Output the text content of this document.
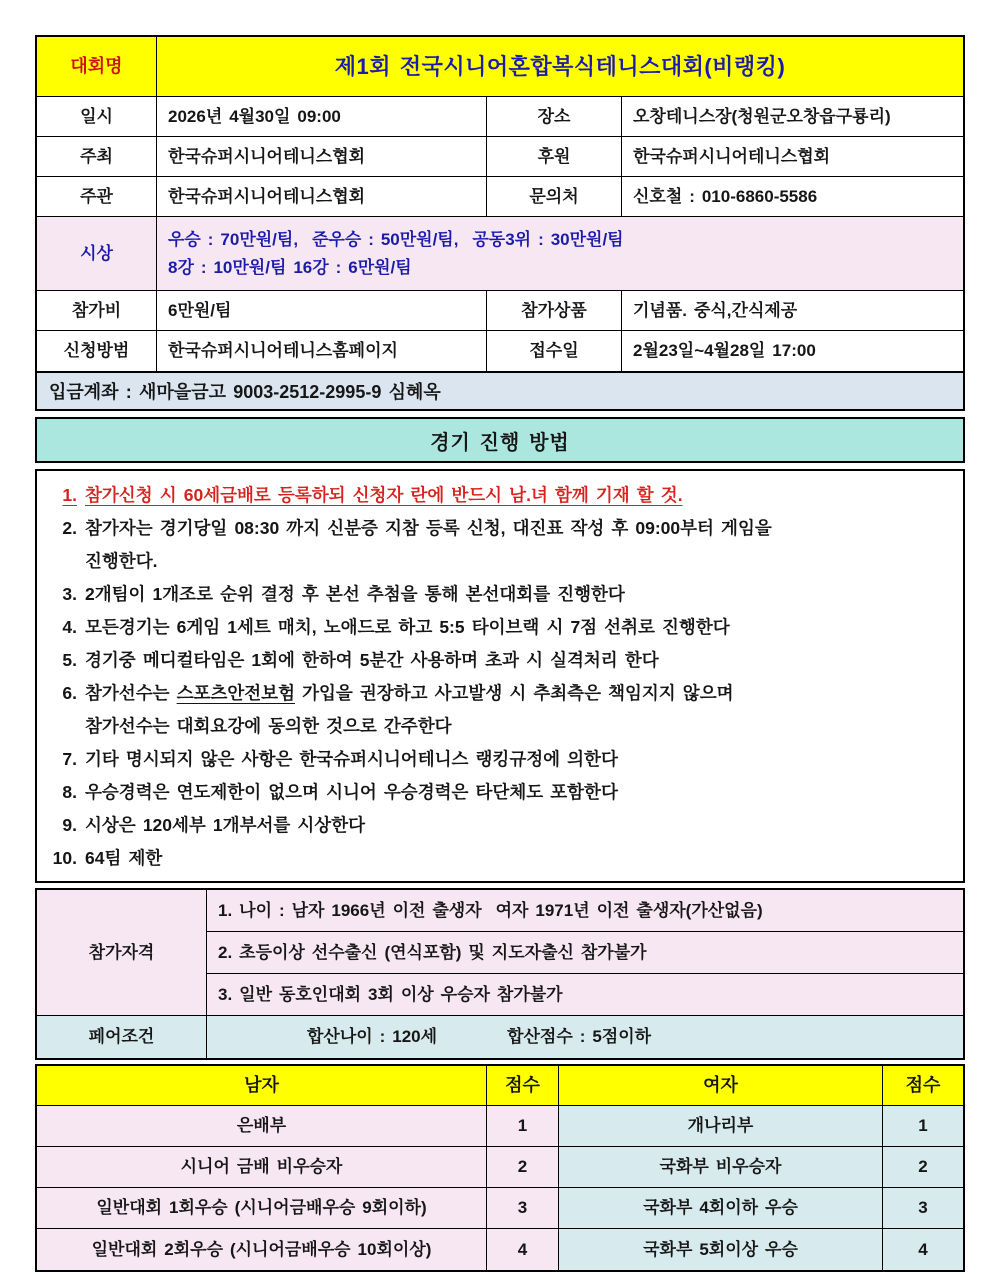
대회명	제1회 전국시니어혼합복식테니스대회(비랭킹)
일시	2026년 4월30일 09:00	장소	오창테니스장(청원군오창읍구룡리)
주최	한국슈퍼시니어테니스협회	후원	한국슈퍼시니어테니스협회
주관	한국슈퍼시니어테니스협회	문의처	신호철 : 010-6860-5586
시상
우승 : 70만원/팀,  준우승 : 50만원/팀,  공동3위 : 30만원/팀
8강 : 10만원/팀 16강 : 6만원/팀
참가비	6만원/팀	참가상품	기념품. 중식,간식제공
신청방범	한국슈퍼시니어테니스홈페이지	접수일	2월23일~4월28일 17:00
입금계좌 : 새마을금고 9003-2512-2995-9 심혜옥
경기 진행 방법
1. 참가신청 시 60세금배로 등록하되 신청자 란에 반드시 남.녀 함께 기재 할 것.
2. 참가자는 경기당일 08:30 까지 신분증 지참 등록 신청, 대진표 작성 후 09:00부터 게임을
진행한다.
3. 2개팀이 1개조로 순위 결정 후 본선 추첨을 통해 본선대회를 진행한다
4. 모든경기는 6게임 1세트 매치, 노애드로 하고 5:5 타이브랙 시 7점 선취로 진행한다
5. 경기중 메디컬타임은 1회에 한하여 5분간 사용하며 초과 시 실격처리 한다
6. 참가선수는 스포츠안전보험 가입을 권장하고 사고발생 시 추최측은 책임지지 않으며
참가선수는 대회요강에 동의한 것으로 간주한다
7. 기타 명시되지 않은 사항은 한국슈퍼시니어테니스 랭킹규정에 의한다
8. 우승경력은 연도제한이 없으며 시니어 우승경력은 타단체도 포함한다
9. 시상은 120세부 1개부서를 시상한다
10. 64팀 제한
참가자격
1. 나이 : 남자 1966년 이전 출생자  여자 1971년 이전 출생자(가산없음)
2. 초등이상 선수출신 (연식포함) 및 지도자출신 참가불가
3. 일반 동호인대회 3회 이상 우승자 참가불가
페어조건	합산나이 : 120세	합산점수 : 5점이하
남자	점수	여자	점수
은배부	1	개나리부	1
시니어 금배 비우승자	2	국화부 비우승자	2
일반대회 1회우승 (시니어금배우승 9회이하)	3	국화부 4회이하 우승	3
일반대회 2회우승 (시니어금배우승 10회이상)	4	국화부 5회이상 우승	4
